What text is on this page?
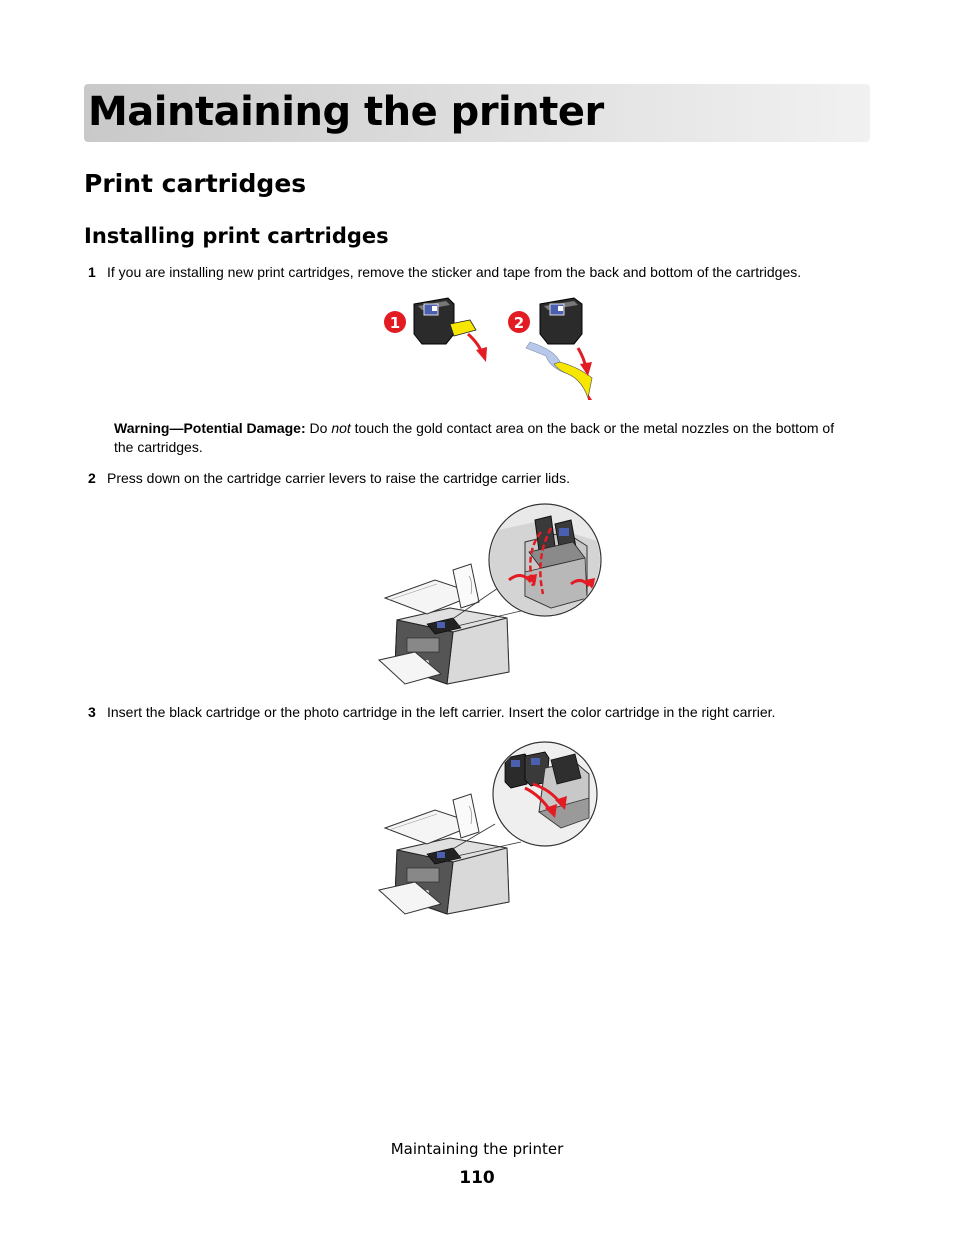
Maintaining the printer
Print cartridges
Installing print cartridges
1 If you are installing new print cartridges, remove the sticker and tape from the back and bottom of the cartridges.
1	2
Warning—Potential Damage: Do not touch the gold contact area on the back or the metal nozzles on the bottom of the cartridges.
2 Press down on the cartridge carrier levers to raise the cartridge carrier lids.
3 Insert the black cartridge or the photo cartridge in the left carrier. Insert the color cartridge in the right carrier.
Maintaining the printer
110
